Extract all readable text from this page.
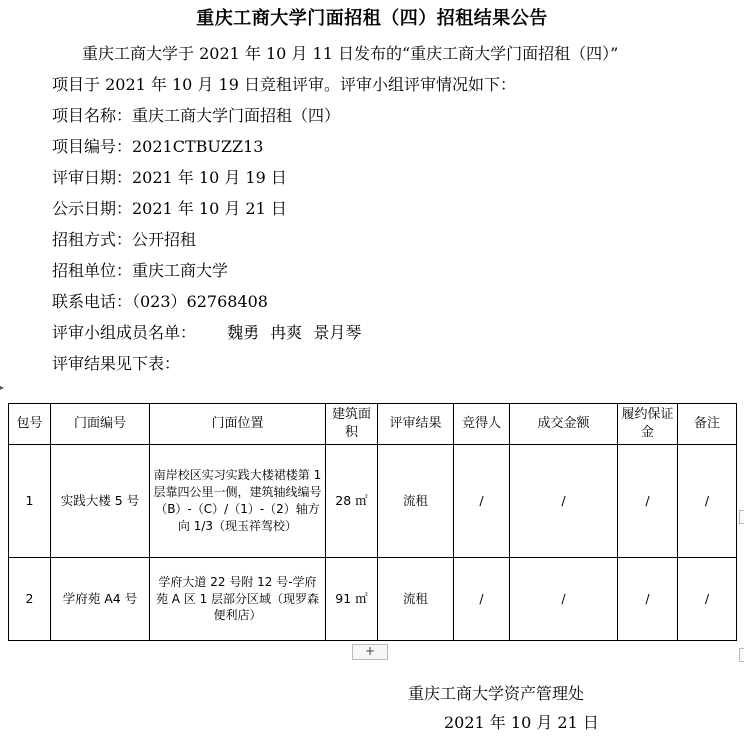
重庆工商大学门面招租（四）招租结果公告
重庆工商大学于 2021 年 10 月 11 日发布的“重庆工商大学门面招租（四）”
项目于 2021 年 10 月 19 日竞租评审。评审小组评审情况如下：
项目名称：重庆工商大学门面招租（四）
项目编号：2021CTBUZZ13
评审日期：2021 年 10 月 19 日
公示日期：2021 年 10 月 21 日
招租方式：公开招租
招租单位：重庆工商大学
联系电话：（023）62768408
评审小组成员名单： 魏勇 冉爽 景月琴
评审结果见下表：
▸
包号	门面编号	门面位置	建筑面积	评审结果	竞得人	成交金额	履约保证金	备注
1	实践大楼 5 号	南岸校区实习实践大楼裙楼第 1 层靠四公里一侧，建筑轴线编号（B）-（C）/（1）-（2）轴方向 1/3（现玉祥驾校）	28 ㎡	流租	/	/	/	/
2	学府苑 A4 号	学府大道 22 号附 12 号-学府苑 A 区 1 层部分区域（现罗森便利店）	91 ㎡	流租	/	/	/	/
+
重庆工商大学资产管理处
2021 年 10 月 21 日
